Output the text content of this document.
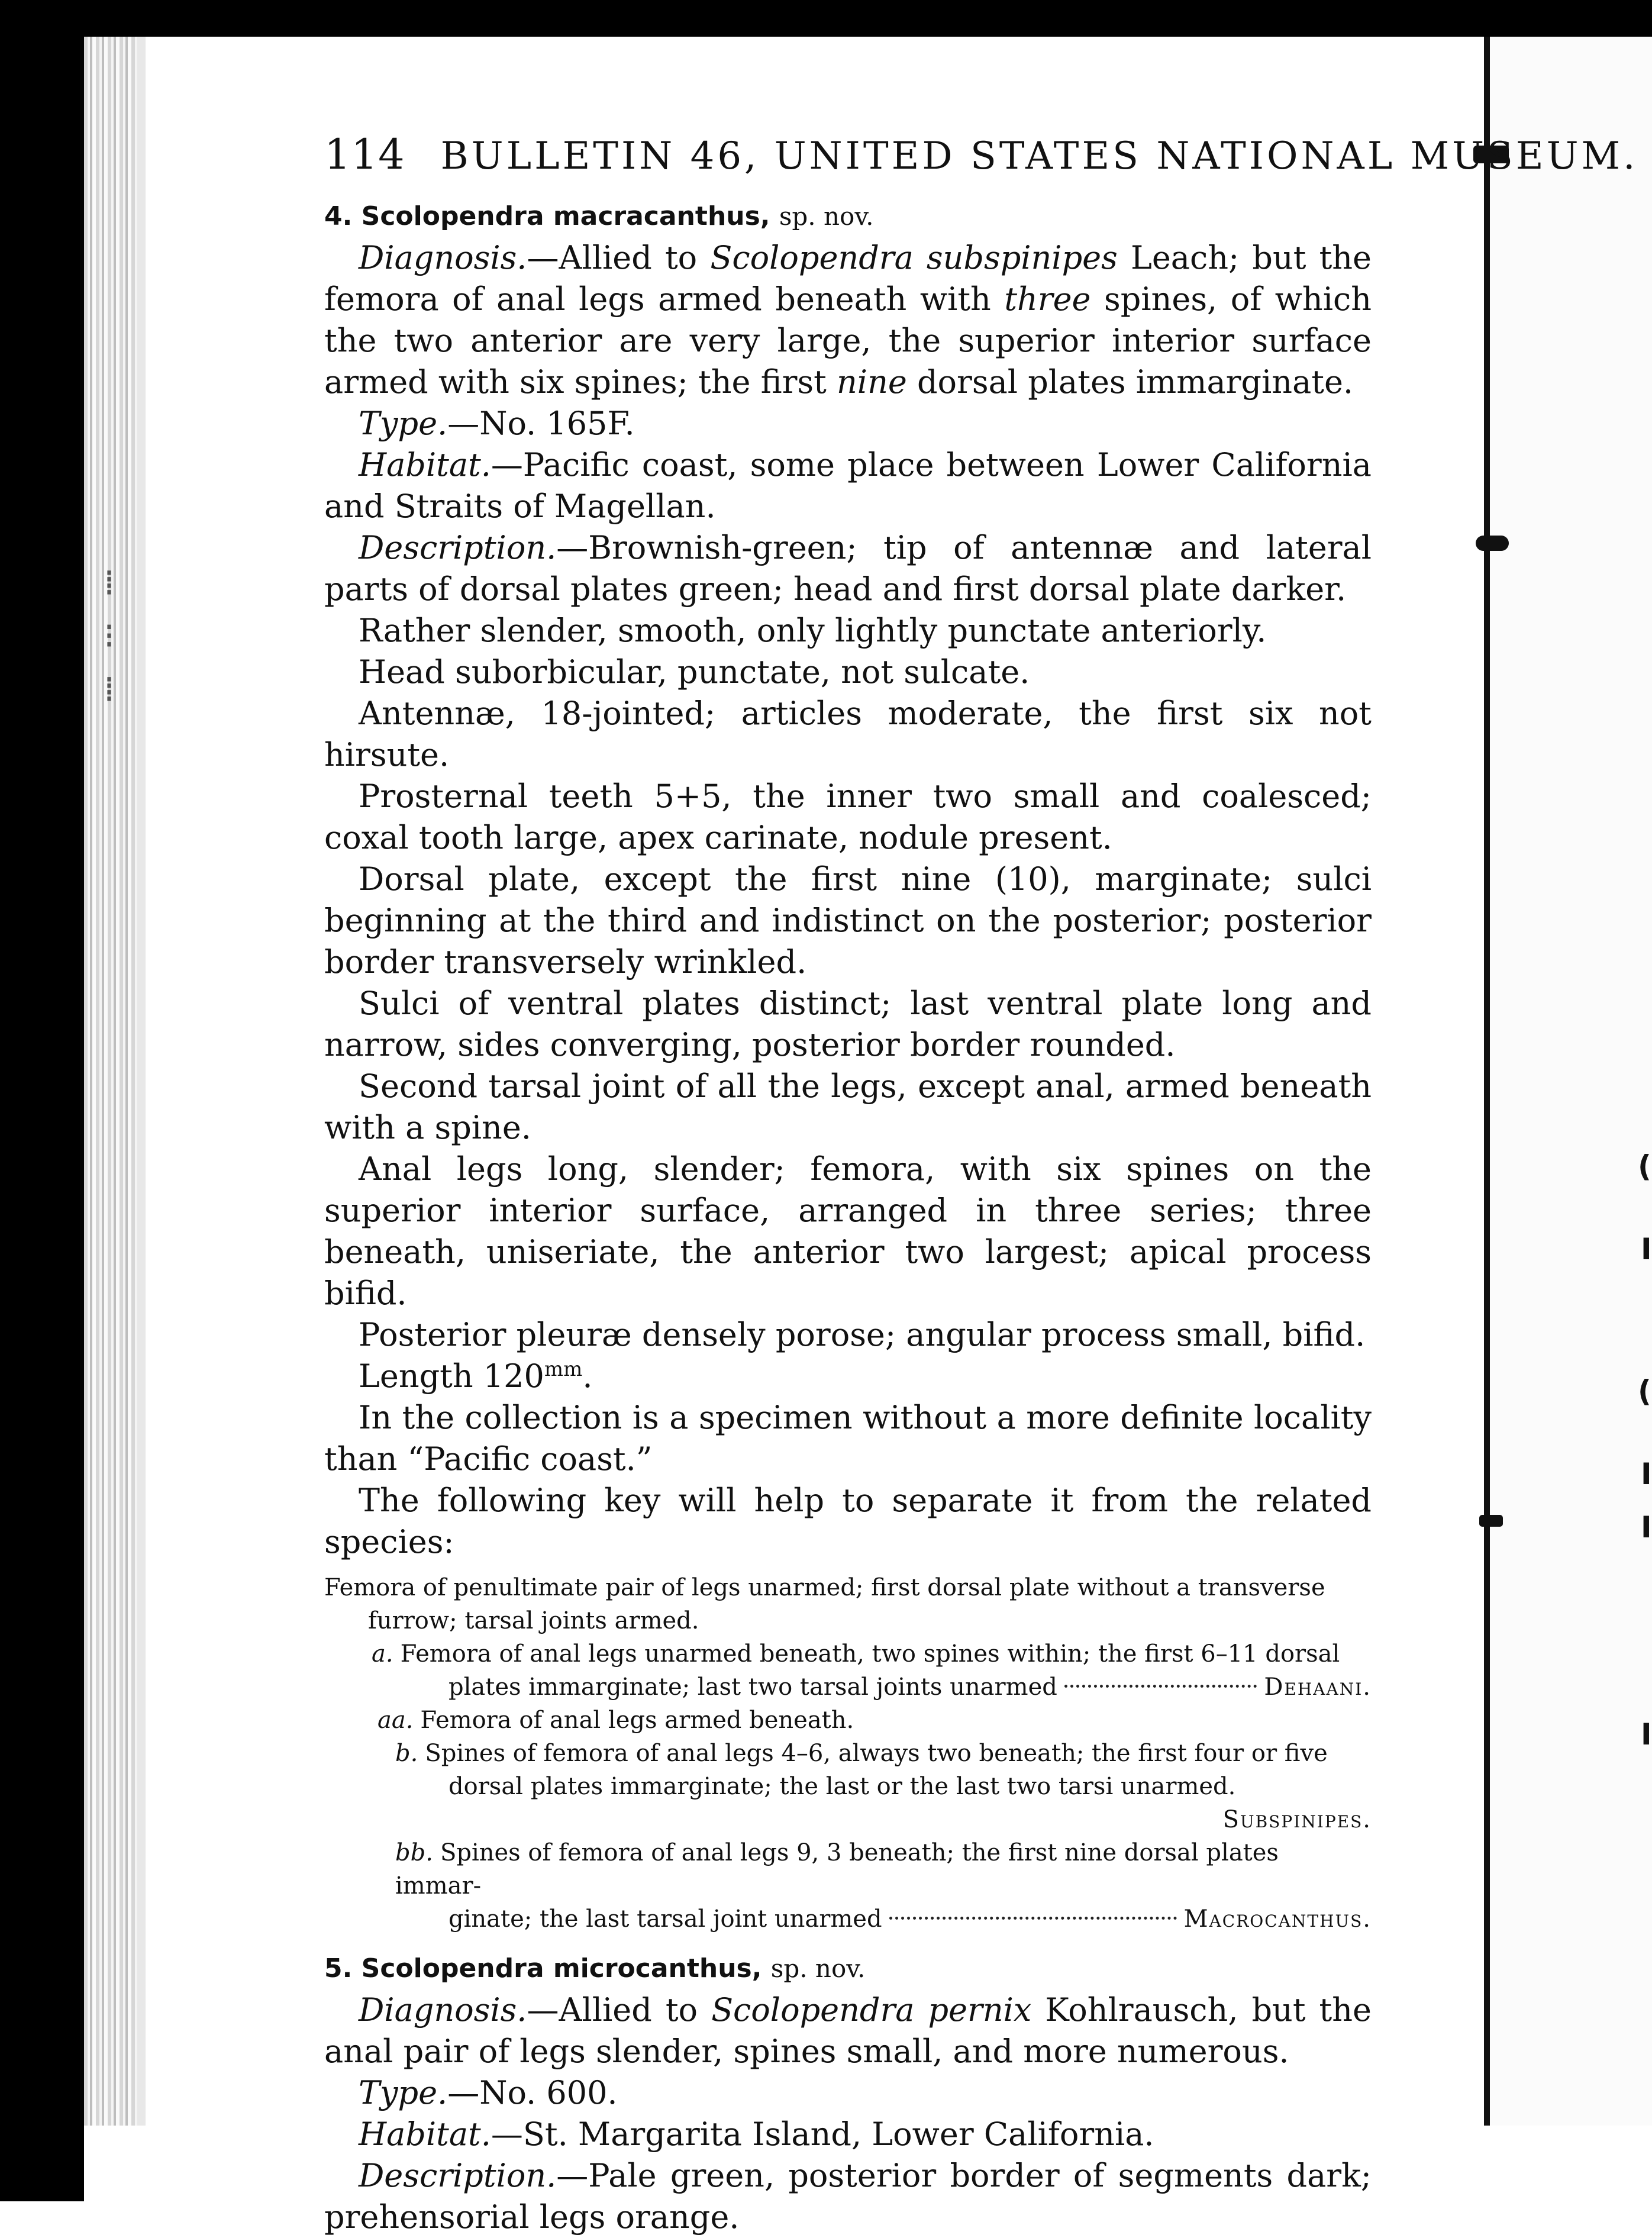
⁞
⁝
⁞
(
I
(
I
I
I
114 BULLETIN 46, UNITED STATES NATIONAL MUSEUM.
4. Scolopendra macracanthus, sp. nov.

Diagnosis.—Allied to Scolopendra subspinipes Leach; but the femora of anal legs armed beneath with three spines, of which the two anterior are very large, the superior interior surface armed with six spines; the first nine dorsal plates immarginate.

Type.—No. 165F.

Habitat.—Pacific coast, some place between Lower California and Straits of Magellan.

Description.—Brownish-green; tip of antennæ and lateral parts of dorsal plates green; head and first dorsal plate darker.

Rather slender, smooth, only lightly punctate anteriorly.

Head suborbicular, punctate, not sulcate.

Antennæ, 18-jointed; articles moderate, the first six not hirsute.

Prosternal teeth 5+5, the inner two small and coalesced; coxal tooth large, apex carinate, nodule present.

Dorsal plate, except the first nine (10), marginate; sulci beginning at the third and indistinct on the posterior; posterior border transversely wrinkled.

Sulci of ventral plates distinct; last ventral plate long and narrow, sides converging, posterior border rounded.

Second tarsal joint of all the legs, except anal, armed beneath with a spine.

Anal legs long, slender; femora, with six spines on the superior interior surface, arranged in three series; three beneath, uniseriate, the anterior two largest; apical process bifid.

Posterior pleuræ densely porose; angular process small, bifid.

Length $120^{mm}$.

In the collection is a specimen without a more definite locality than “Pacific coast.”

The following key will help to separate it from the related species:

Femora of penultimate pair of legs unarmed; first dorsal plate without a transverse
furrow; tarsal joints armed.
a. Femora of anal legs unarmed beneath, two spines within; the first 6–11 dorsal
plates immarginate; last two tarsal joints unarmed	Dehaani.
aa. Femora of anal legs armed beneath.
b. Spines of femora of anal legs 4–6, always two beneath; the first four or five
dorsal plates immarginate; the last or the last two tarsi unarmed.
Subspinipes.
bb. Spines of femora of anal legs 9, 3 beneath; the first nine dorsal plates immar-
ginate; the last tarsal joint unarmed	Macrocanthus.
5. Scolopendra microcanthus, sp. nov.

Diagnosis.—Allied to Scolopendra pernix Kohlrausch, but the anal pair of legs slender, spines small, and more numerous.

Type.—No. 600.

Habitat.—St. Margarita Island, Lower California.

Description.—Pale green, posterior border of segments dark; prehensorial legs orange.
